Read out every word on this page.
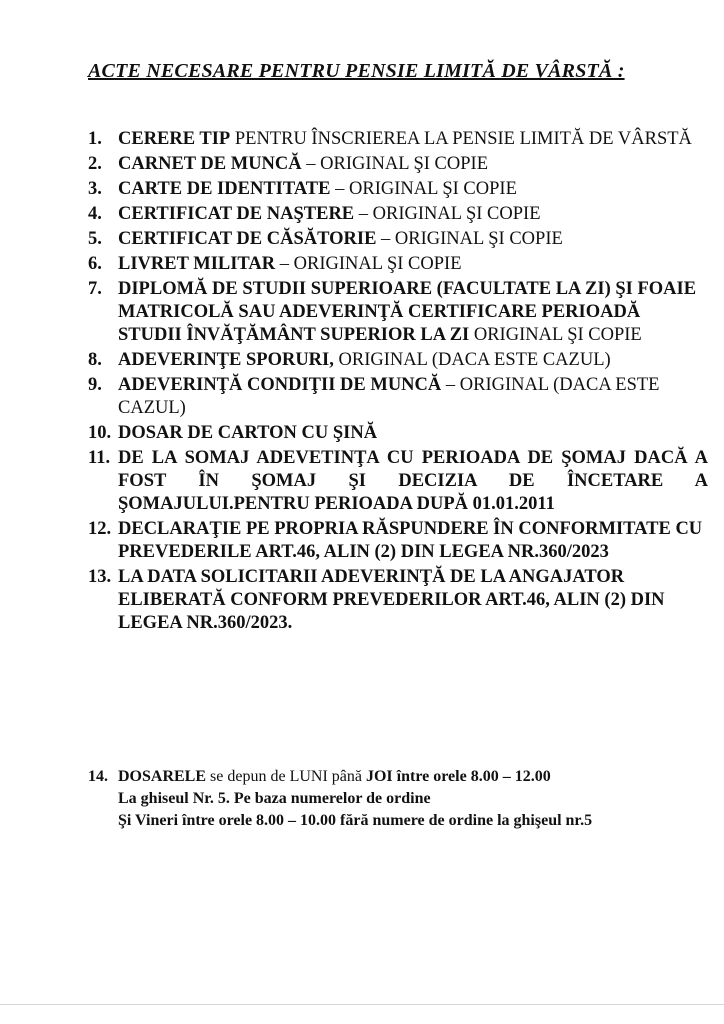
ACTE NECESARE PENTRU PENSIE LIMITĂ DE VÂRSTĂ :
1. CERERE TIP PENTRU ÎNSCRIEREA LA PENSIE LIMITĂ DE VÂRSTĂ
2. CARNET DE MUNCĂ – ORIGINAL ŞI COPIE
3. CARTE DE IDENTITATE – ORIGINAL ŞI COPIE
4. CERTIFICAT DE NAŞTERE – ORIGINAL ŞI COPIE
5. CERTIFICAT DE CĂSĂTORIE – ORIGINAL ŞI COPIE
6. LIVRET MILITAR – ORIGINAL ŞI COPIE
7. DIPLOMĂ DE STUDII SUPERIOARE (FACULTATE LA ZI) ŞI FOAIE MATRICOLĂ SAU ADEVERINŢĂ CERTIFICARE PERIOADĂ STUDII ÎNVĂŢĂMÂNT SUPERIOR LA ZI ORIGINAL ŞI COPIE
8. ADEVERINŢE SPORURI, ORIGINAL (DACA ESTE CAZUL)
9. ADEVERINŢĂ CONDIŢII DE MUNCĂ – ORIGINAL (DACA ESTE CAZUL)
10. DOSAR DE CARTON CU ŞINĂ
11. DE LA SOMAJ ADEVETINŢA CU PERIOADA DE ŞOMAJ DACĂ A FOST ÎN ŞOMAJ ŞI DECIZIA DE ÎNCETARE A ŞOMAJULUI.PENTRU PERIOADA DUPĂ 01.01.2011
12. DECLARAŢIE PE PROPRIA RĂSPUNDERE ÎN CONFORMITATE CU PREVEDERILE ART.46, ALIN (2) DIN LEGEA NR.360/2023
13. LA DATA SOLICITARII ADEVERINŢĂ DE LA ANGAJATOR ELIBERATĂ CONFORM PREVEDERILOR ART.46, ALIN (2) DIN LEGEA NR.360/2023.
14. DOSARELE se depun de LUNI până JOI între orele 8.00 – 12.00
La ghiseul Nr. 5. Pe baza numerelor de ordine
Şi Vineri între orele 8.00 – 10.00 fără numere de ordine la ghişeul nr.5
